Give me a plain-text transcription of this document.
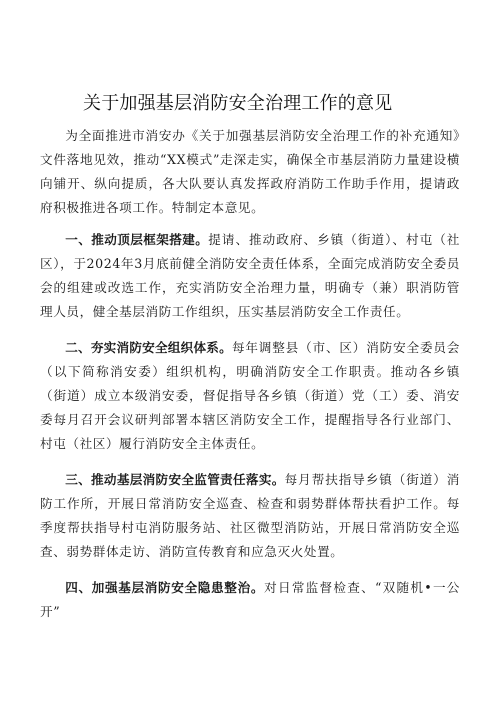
关于加强基层消防安全治理工作的意见

为全面推进市消安办《关于加强基层消防安全治理工作的补充通知》文件落地见效，推动“XX模式”走深走实，确保全市基层消防力量建设横向铺开、纵向提质，各大队要认真发挥政府消防工作助手作用，提请政府积极推进各项工作。特制定本意见。

一、推动顶层框架搭建。提请、推动政府、乡镇（街道）、村屯（社区），于2024年3月底前健全消防安全责任体系，全面完成消防安全委员会的组建或改选工作，充实消防安全治理力量，明确专（兼）职消防管理人员，健全基层消防工作组织，压实基层消防安全工作责任。

二、夯实消防安全组织体系。每年调整县（市、区）消防安全委员会（以下简称消安委）组织机构，明确消防安全工作职责。推动各乡镇（街道）成立本级消安委，督促指导各乡镇（街道）党（工）委、消安委每月召开会议研判部署本辖区消防安全工作，提醒指导各行业部门、村屯（社区）履行消防安全主体责任。

三、推动基层消防安全监管责任落实。每月帮扶指导乡镇（街道）消防工作所，开展日常消防安全巡查、检查和弱势群体帮扶看护工作。每季度帮扶指导村屯消防服务站、社区微型消防站，开展日常消防安全巡查、弱势群体走访、消防宣传教育和应急灭火处置。

四、加强基层消防安全隐患整治。对日常监督检查、“双随机•一公开”
